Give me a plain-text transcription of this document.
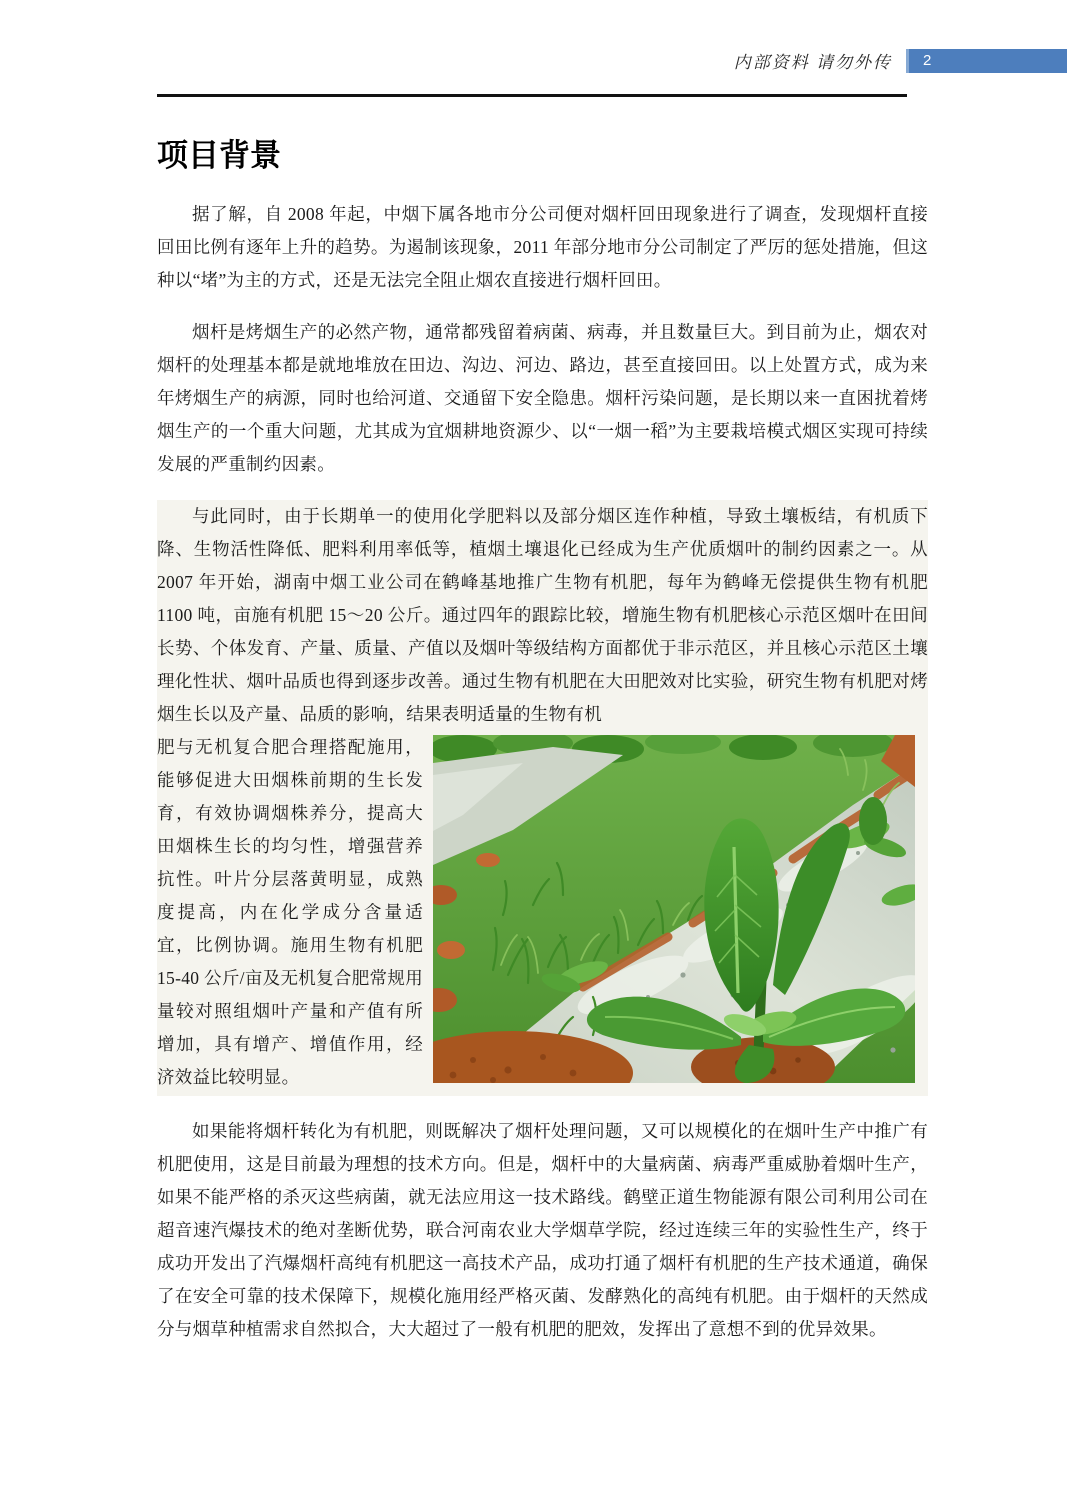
内部资料 请勿外传 2
项目背景

据了解，自 2008 年起，中烟下属各地市分公司便对烟杆回田现象进行了调查，发现烟杆直接回田比例有逐年上升的趋势。为遏制该现象，2011 年部分地市分公司制定了严厉的惩处措施，但这种以“堵”为主的方式，还是无法完全阻止烟农直接进行烟杆回田。

烟杆是烤烟生产的必然产物，通常都残留着病菌、病毒，并且数量巨大。到目前为止，烟农对烟杆的处理基本都是就地堆放在田边、沟边、河边、路边，甚至直接回田。以上处置方式，成为来年烤烟生产的病源，同时也给河道、交通留下安全隐患。烟杆污染问题，是长期以来一直困扰着烤烟生产的一个重大问题，尤其成为宜烟耕地资源少、以“一烟一稻”为主要栽培模式烟区实现可持续发展的严重制约因素。

与此同时，由于长期单一的使用化学肥料以及部分烟区连作种植，导致土壤板结，有机质下降、生物活性降低、肥料利用率低等，植烟土壤退化已经成为生产优质烟叶的制约因素之一。从 2007 年开始，湖南中烟工业公司在鹤峰基地推广生物有机肥，每年为鹤峰无偿提供生物有机肥 1100 吨，亩施有机肥 15～20 公斤。通过四年的跟踪比较，增施生物有机肥核心示范区烟叶在田间长势、个体发育、产量、质量、产值以及烟叶等级结构方面都优于非示范区，并且核心示范区土壤理化性状、烟叶品质也得到逐步改善。通过生物有机肥在大田肥效对比实验，研究生物有机肥对烤烟生长以及产量、品质的影响，结果表明适量的生物有机

肥与无机复合肥合理搭配施用，能够促进大田烟株前期的生长发育，有效协调烟株养分，提高大田烟株生长的均匀性，增强营养抗性。叶片分层落黄明显，成熟度提高，内在化学成分含量适宜，比例协调。施用生物有机肥 15-40 公斤/亩及无机复合肥常规用量较对照组烟叶产量和产值有所增加，具有增产、增值作用，经济效益比较明显。

如果能将烟杆转化为有机肥，则既解决了烟杆处理问题，又可以规模化的在烟叶生产中推广有机肥使用，这是目前最为理想的技术方向。但是，烟杆中的大量病菌、病毒严重威胁着烟叶生产，如果不能严格的杀灭这些病菌，就无法应用这一技术路线。鹤壁正道生物能源有限公司利用公司在超音速汽爆技术的绝对垄断优势，联合河南农业大学烟草学院，经过连续三年的实验性生产，终于成功开发出了汽爆烟杆高纯有机肥这一高技术产品，成功打通了烟杆有机肥的生产技术通道，确保了在安全可靠的技术保障下，规模化施用经严格灭菌、发酵熟化的高纯有机肥。由于烟杆的天然成分与烟草种植需求自然拟合，大大超过了一般有机肥的肥效，发挥出了意想不到的优异效果。
